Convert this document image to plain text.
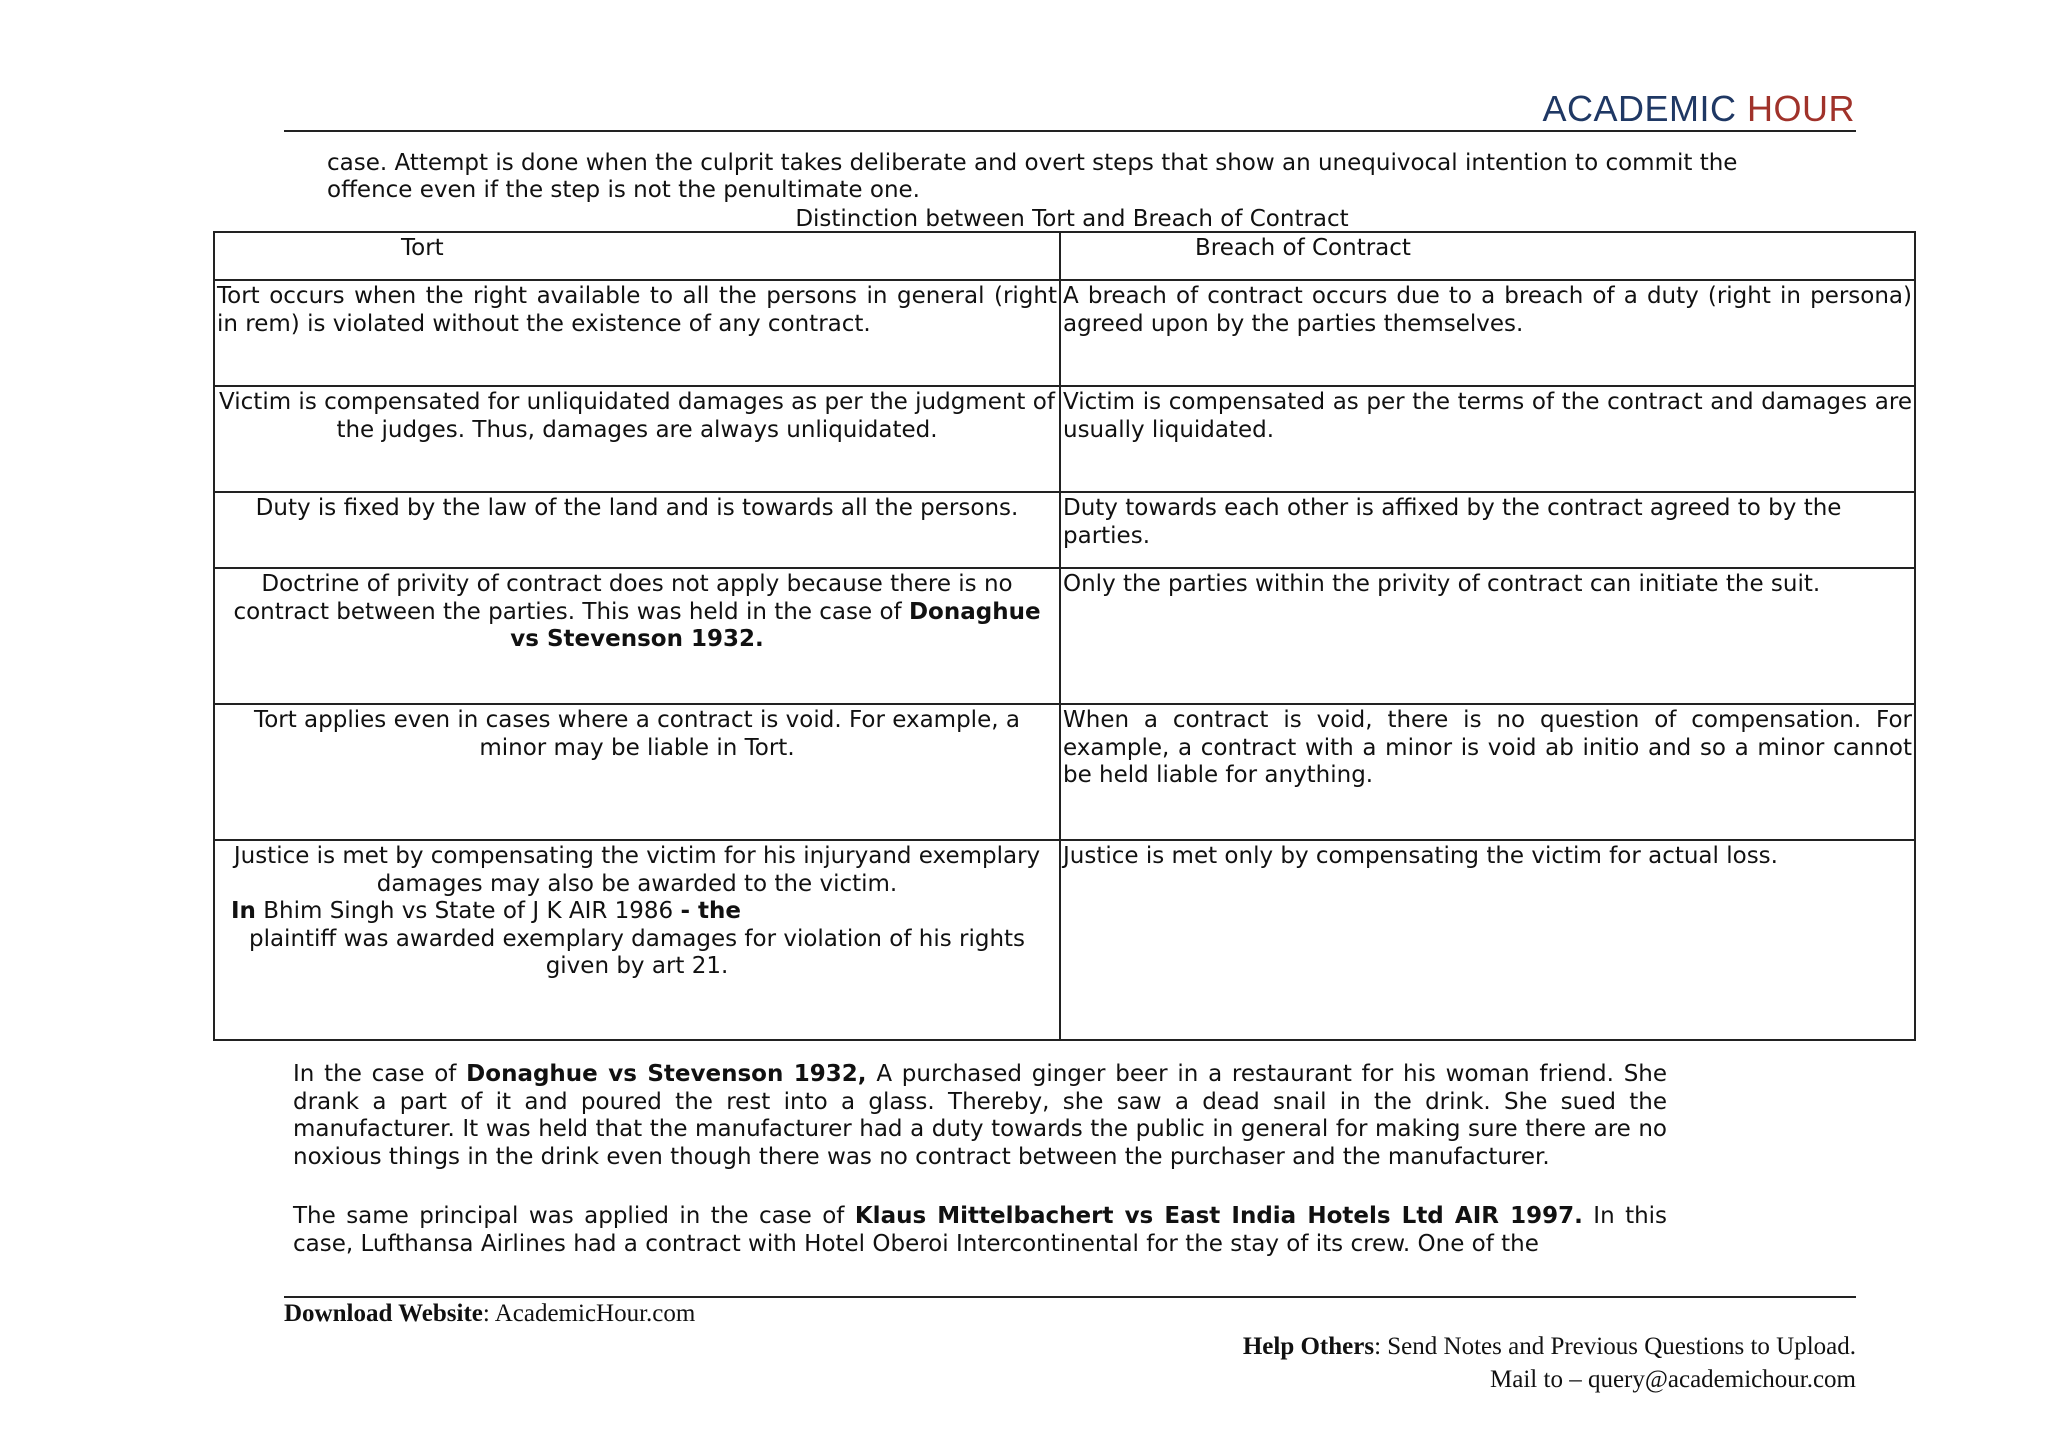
ACADEMIC HOUR
case. Attempt is done when the culprit takes deliberate and overt steps that show an unequivocal intention to commit the offence even if the step is not the penultimate one.
Distinction between Tort and Breach of Contract
Tort	Breach of Contract
Tort occurs when the right available to all the persons in general (right in rem) is violated without the existence of any contract.	A breach of contract occurs due to a breach of a duty (right in persona) agreed upon by the parties themselves.
Victim is compensated for unliquidated damages as per the judgment of the judges. Thus, damages are always unliquidated.	Victim is compensated as per the terms of the contract and damages are usually liquidated.
Duty is fixed by the law of the land and is towards all the persons.	Duty towards each other is affixed by the contract agreed to by the parties.
Doctrine of privity of contract does not apply because there is no contract between the parties. This was held in the case of Donaghue vs Stevenson 1932.	Only the parties within the privity of contract can initiate the suit.
Tort applies even in cases where a contract is void. For example, a minor may be liable in Tort.	When a contract is void, there is no question of compensation. For example, a contract with a minor is void ab initio and so a minor cannot be held liable for anything.

Justice is met by compensating the victim for his injuryand exemplary damages may also be awarded to the victim.
In Bhim Singh vs State of J K AIR 1986 - the
plaintiff was awarded exemplary damages for violation of his rights given by art 21.	Justice is met only by compensating the victim for actual loss.
In the case of Donaghue vs Stevenson 1932, A purchased ginger beer in a restaurant for his woman friend. She drank a part of it and poured the rest into a glass. Thereby, she saw a dead snail in the drink. She sued the manufacturer. It was held that the manufacturer had a duty towards the public in general for making sure there are no noxious things in the drink even though there was no contract between the purchaser and the manufacturer.
The same principal was applied in the case of Klaus Mittelbachert vs East India Hotels Ltd AIR 1997. In this case, Lufthansa Airlines had a contract with Hotel Oberoi Intercontinental for the stay of its crew. One of the
Download Website: AcademicHour.com
Help Others: Send Notes and Previous Questions to Upload.
Mail to – query@academichour.com
